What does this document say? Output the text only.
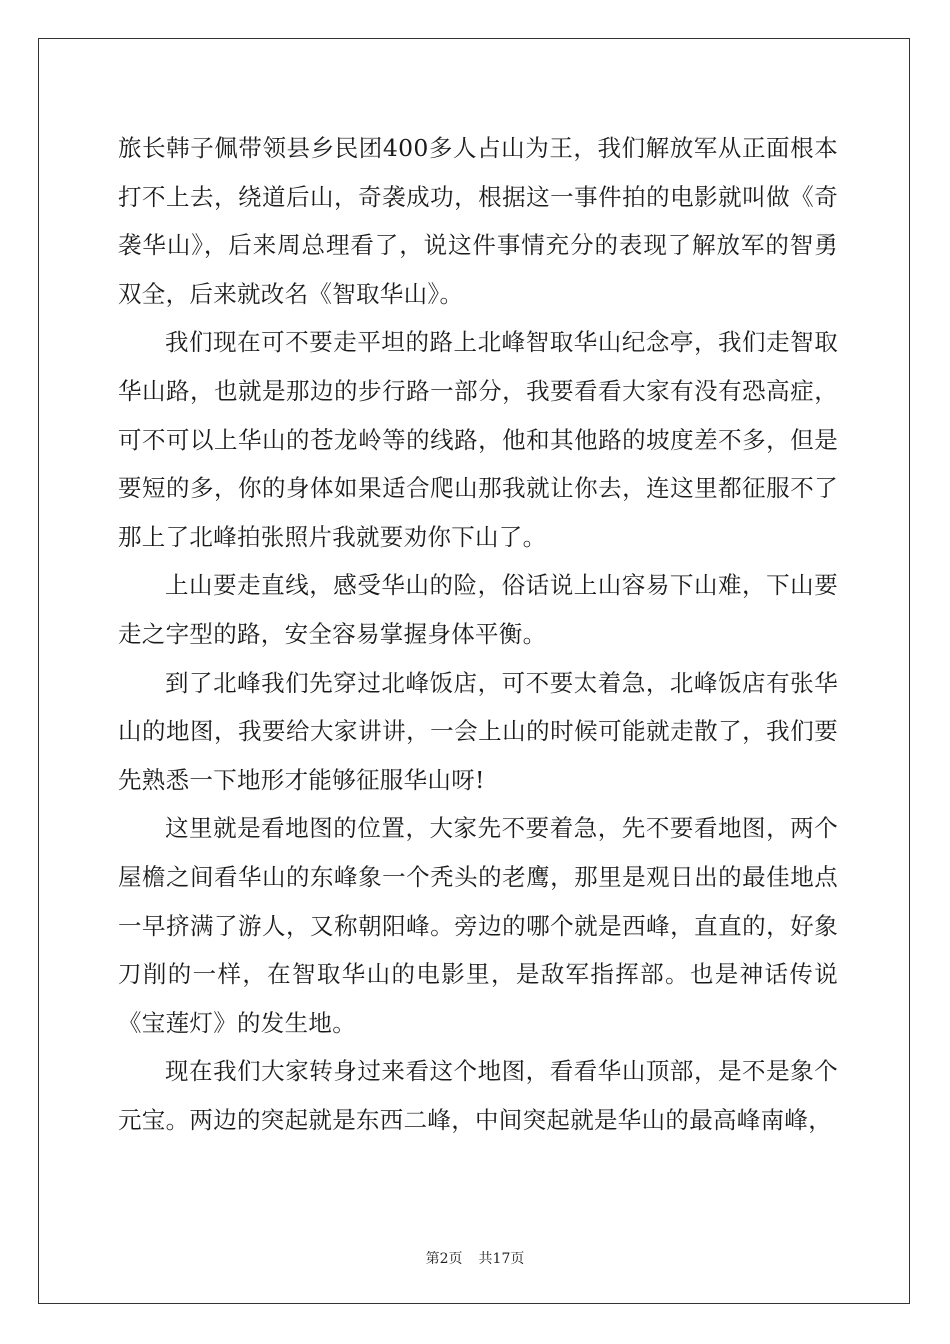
旅长韩子佩带领县乡民团400多人占山为王，我们解放军从正面根本打不上去，绕道后山，奇袭成功，根据这一事件拍的电影就叫做《奇袭华山》，后来周总理看了，说这件事情充分的表现了解放军的智勇双全，后来就改名《智取华山》。

我们现在可不要走平坦的路上北峰智取华山纪念亭，我们走智取华山路，也就是那边的步行路一部分，我要看看大家有没有恐高症，可不可以上华山的苍龙岭等的线路，他和其他路的坡度差不多，但是要短的多，你的身体如果适合爬山那我就让你去，连这里都征服不了那上了北峰拍张照片我就要劝你下山了。

上山要走直线，感受华山的险，俗话说上山容易下山难，下山要走之字型的路，安全容易掌握身体平衡。

到了北峰我们先穿过北峰饭店，可不要太着急，北峰饭店有张华山的地图，我要给大家讲讲，一会上山的时候可能就走散了，我们要先熟悉一下地形才能够征服华山呀!

这里就是看地图的位置，大家先不要着急，先不要看地图，两个屋檐之间看华山的东峰象一个秃头的老鹰，那里是观日出的最佳地点一早挤满了游人，又称朝阳峰。旁边的哪个就是西峰，直直的，好象刀削的一样，在智取华山的电影里，是敌军指挥部。也是神话传说《宝莲灯》的发生地。

现在我们大家转身过来看这个地图，看看华山顶部，是不是象个元宝。两边的突起就是东西二峰，中间突起就是华山的最高峰南峰，

第2页 共17页
